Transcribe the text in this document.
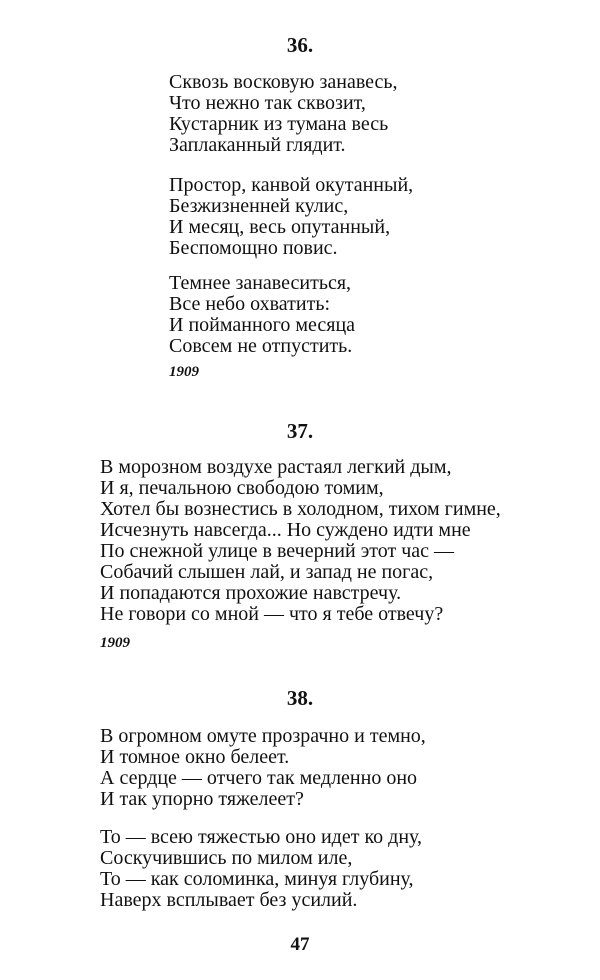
36.
Сквозь восковую занавесь,
Что нежно так сквозит,
Кустарник из тумана весь
Заплаканный глядит.
Простор, канвой окутанный,
Безжизненней кулис,
И месяц, весь опутанный,
Беспомощно повис.
Темнее занавеситься,
Все небо охватить:
И пойманного месяца
Совсем не отпустить.
1909
37.
В морозном воздухе растаял легкий дым,
И я, печальною свободою томим,
Хотел бы вознестись в холодном, тихом гимне,
Исчезнуть навсегда... Но суждено идти мне
По снежной улице в вечерний этот час —
Собачий слышен лай, и запад не погас,
И попадаются прохожие навстречу.
Не говори со мной — что я тебе отвечу?
1909
38.
В огромном омуте прозрачно и темно,
И томное окно белеет.
А сердце — отчего так медленно оно
И так упорно тяжелеет?
То — всею тяжестью оно идет ко дну,
Соскучившись по милом иле,
То — как соломинка, минуя глубину,
Наверх всплывает без усилий.
47
